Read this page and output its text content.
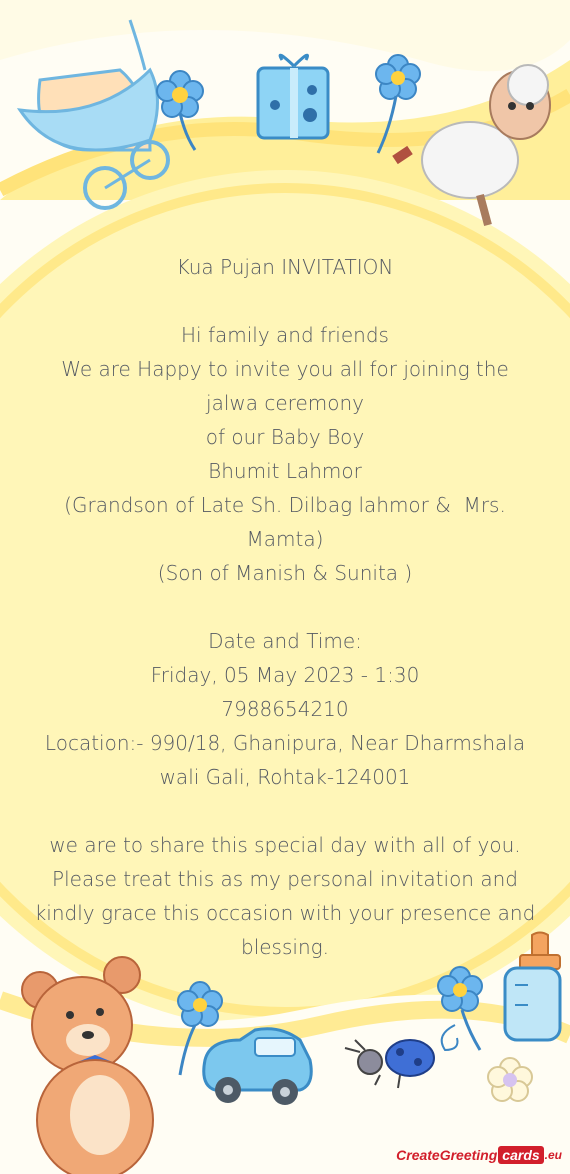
Kua Pujan INVITATION
Hi family and friends
We are Happy to invite you all for joining the
jalwa ceremony
of our Baby Boy
Bhumit Lahmor
(Grandson of Late Sh. Dilbag lahmor &  Mrs.
Mamta)
(Son of Manish & Sunita )
Date and Time:
Friday, 05 May 2023 - 1:30
7988654210
Location:- 990/18, Ghanipura, Near Dharmshala
wali Gali, Rohtak-124001
we are to share this special day with all of you.
Please treat this as my personal invitation and
kindly grace this occasion with your presence and
blessing.
CreateGreeting cards .eu
